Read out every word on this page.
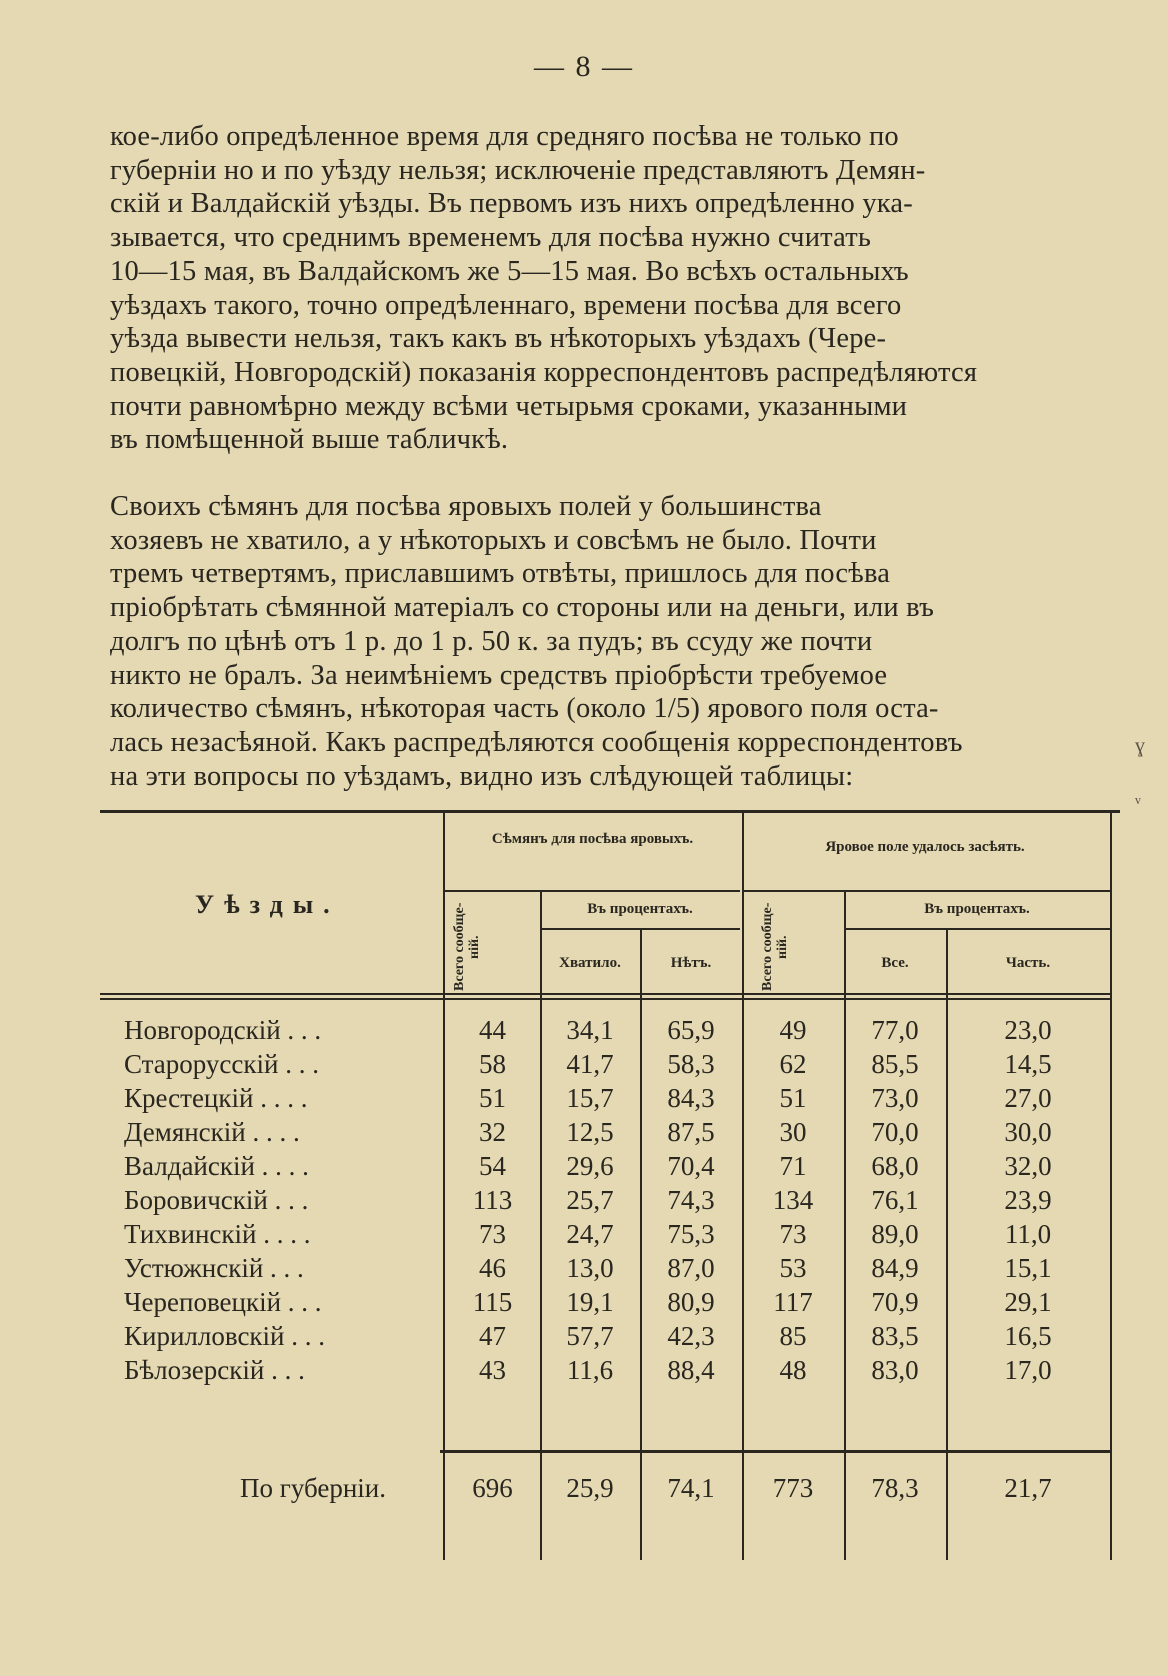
— 8 —
кое-либо опредѣленное время для средняго посѣва не только по
губерніи но и по уѣзду нельзя; исключеніе представляютъ Демян-
скій и Валдайскій уѣзды. Въ первомъ изъ нихъ опредѣленно ука-
зывается, что среднимъ временемъ для посѣва нужно считать
10—15 мая, въ Валдайскомъ же 5—15 мая. Во всѣхъ остальныхъ
уѣздахъ такого, точно опредѣленнаго, времени посѣва для всего
уѣзда вывести нельзя, такъ какъ въ нѣкоторыхъ уѣздахъ (Чере-
повецкій, Новгородскій) показанія корреспондентовъ распредѣляются
почти равномѣрно между всѣми четырьмя сроками, указанными
въ помѣщенной выше табличкѣ.
Своихъ сѣмянъ для посѣва яровыхъ полей у большинства
хозяевъ не хватило, а у нѣкоторыхъ и совсѣмъ не было. Почти
тремъ четвертямъ, приславшимъ отвѣты, пришлось для посѣва
пріобрѣтать сѣмянной матеріалъ со стороны или на деньги, или въ
долгъ по цѣнѣ отъ 1 р. до 1 р. 50 к. за пудъ; въ ссуду же почти
никто не бралъ. За неимѣніемъ средствъ пріобрѣсти требуемое
количество сѣмянъ, нѣкоторая часть (около 1/5) ярового поля оста-
лась незасѣяной. Какъ распредѣляются сообщенія корреспондентовъ
на эти вопросы по уѣздамъ, видно изъ слѣдующей таблицы:
Уѣзды.
Сѣмянъ для посѣва яровыхъ.	Яровое поле удалось засѣять.
Всего сообще-ній.	Всего сообще-ній.
Въ процентахъ.	Въ процентахъ.
Хватило.	Нѣтъ.	Все.	Часть.
Новгородскій . . .	44	34,1	65,9	49	77,0	23,0
Старорусскій . . .	58	41,7	58,3	62	85,5	14,5
Крестецкій . . . .	51	15,7	84,3	51	73,0	27,0
Демянскій . . . .	32	12,5	87,5	30	70,0	30,0
Валдайскій . . . .	54	29,6	70,4	71	68,0	32,0
Боровичскій . . .	113	25,7	74,3	134	76,1	23,9
Тихвинскій . . . .	73	24,7	75,3	73	89,0	11,0
Устюжнскій . . .	46	13,0	87,0	53	84,9	15,1
Череповецкій . . .	115	19,1	80,9	117	70,9	29,1
Кирилловскій . . .	47	57,7	42,3	85	83,5	16,5
Бѣлозерскій . . .	43	11,6	88,4	48	83,0	17,0
По губерніи.	696	25,9	74,1	773	78,3	21,7
ɣ
ᵥ
